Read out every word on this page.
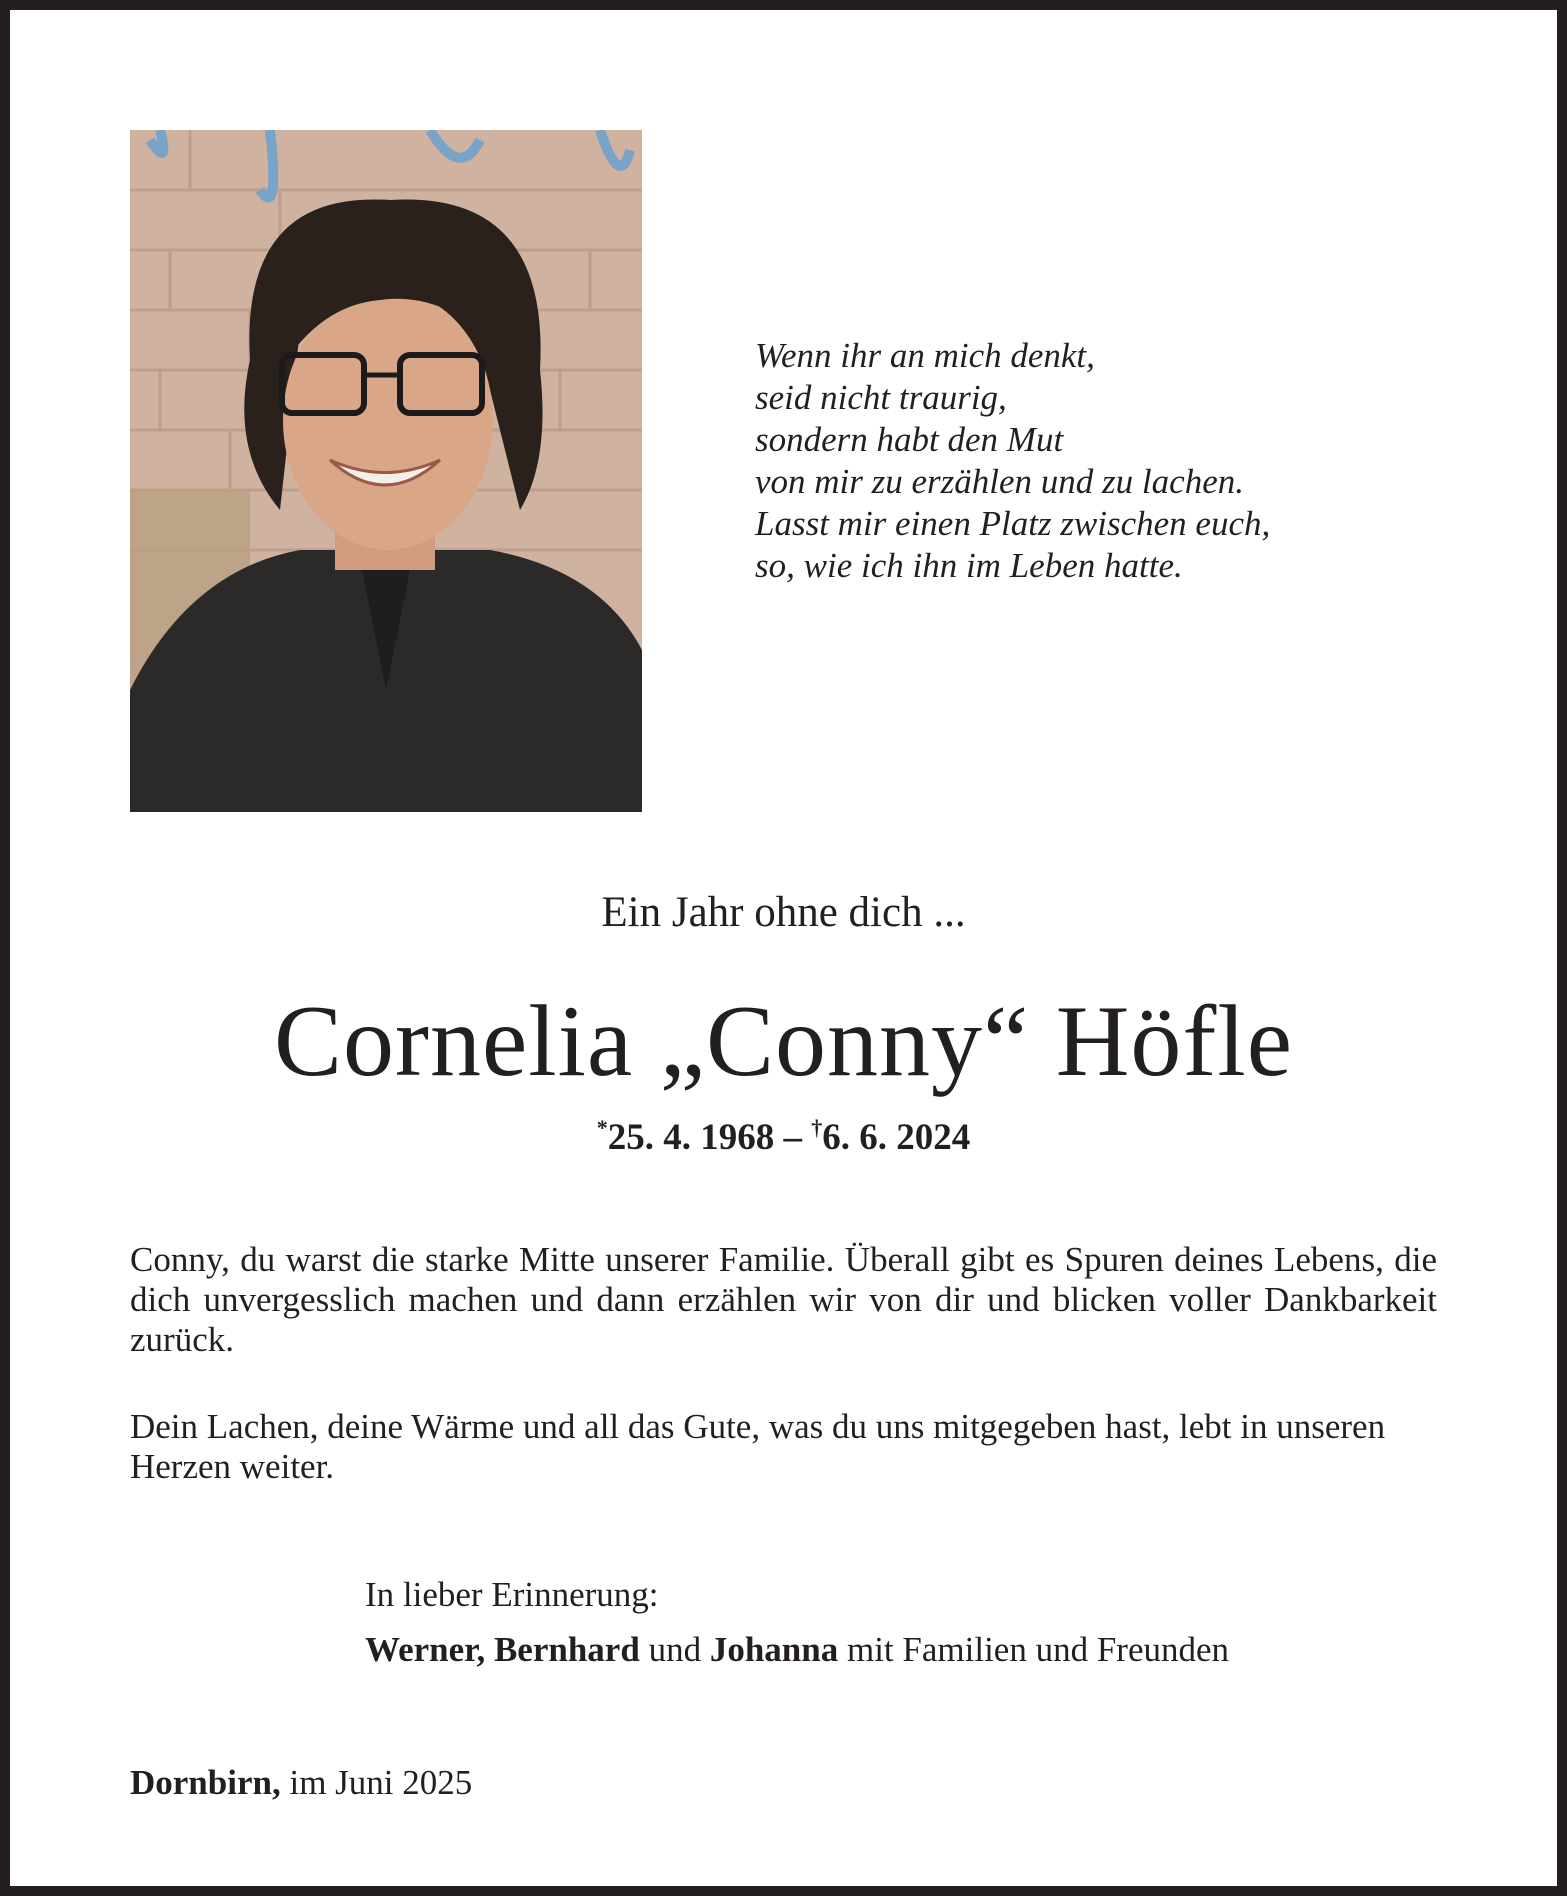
Wenn ihr an mich denkt,
seid nicht traurig,
sondern habt den Mut
von mir zu erzählen und zu lachen.
Lasst mir einen Platz zwischen euch,
so, wie ich ihn im Leben hatte.
Ein Jahr ohne dich ...
Cornelia „Conny“ Höfle
*25. 4. 1968 – †6. 6. 2024
Conny, du warst die starke Mitte unserer Familie. Überall gibt es Spuren deines Lebens, die dich unvergesslich machen und dann erzählen wir von dir und blicken voller Dankbarkeit zurück.
Dein Lachen, deine Wärme und all das Gute, was du uns mitgegeben hast, lebt in unseren Herzen weiter.
In lieber Erinnerung:
Werner, Bernhard und Johanna mit Familien und Freunden
Dornbirn, im Juni 2025
